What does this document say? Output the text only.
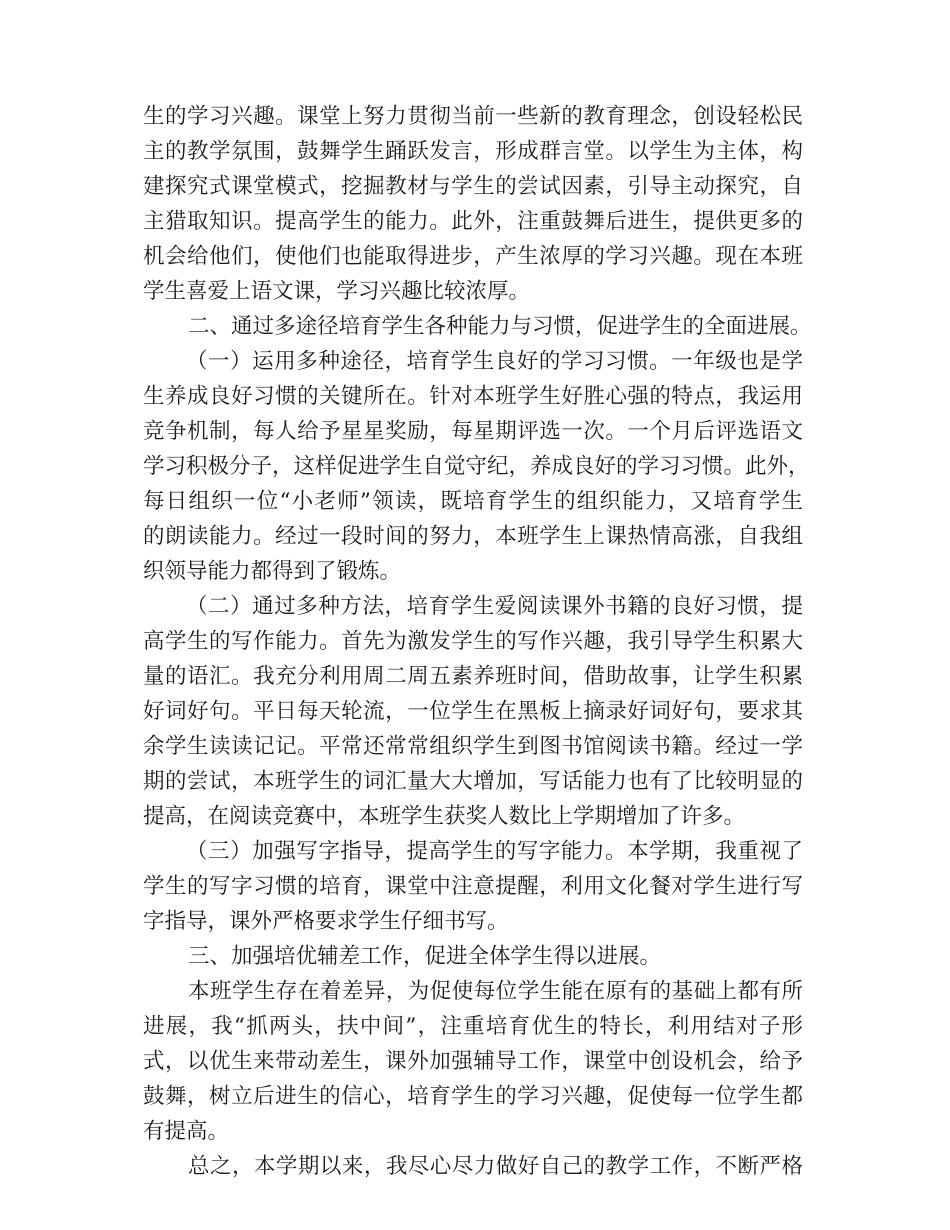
生的学习兴趣。课堂上努力贯彻当前一些新的教育理念，创设轻松民
主的教学氛围，鼓舞学生踊跃发言，形成群言堂。以学生为主体，构
建探究式课堂模式，挖掘教材与学生的尝试因素，引导主动探究，自
主猎取知识。提高学生的能力。此外，注重鼓舞后进生，提供更多的
机会给他们，使他们也能取得进步，产生浓厚的学习兴趣。现在本班
学生喜爱上语文课，学习兴趣比较浓厚。
二、通过多途径培育学生各种能力与习惯，促进学生的全面进展。
（一）运用多种途径，培育学生良好的学习习惯。一年级也是学
生养成良好习惯的关键所在。针对本班学生好胜心强的特点，我运用
竞争机制，每人给予星星奖励，每星期评选一次。一个月后评选语文
学习积极分子，这样促进学生自觉守纪，养成良好的学习习惯。此外，
每日组织一位“小老师”领读，既培育学生的组织能力，又培育学生
的朗读能力。经过一段时间的努力，本班学生上课热情高涨，自我组
织领导能力都得到了锻炼。
（二）通过多种方法，培育学生爱阅读课外书籍的良好习惯，提
高学生的写作能力。首先为激发学生的写作兴趣，我引导学生积累大
量的语汇。我充分利用周二周五素养班时间，借助故事，让学生积累
好词好句。平日每天轮流，一位学生在黑板上摘录好词好句，要求其
余学生读读记记。平常还常常组织学生到图书馆阅读书籍。经过一学
期的尝试，本班学生的词汇量大大增加，写话能力也有了比较明显的
提高，在阅读竞赛中，本班学生获奖人数比上学期增加了许多。
（三）加强写字指导，提高学生的写字能力。本学期，我重视了
学生的写字习惯的培育，课堂中注意提醒，利用文化餐对学生进行写
字指导，课外严格要求学生仔细书写。
三、加强培优辅差工作，促进全体学生得以进展。
本班学生存在着差异，为促使每位学生能在原有的基础上都有所
进展，我“抓两头，扶中间”，注重培育优生的特长，利用结对子形
式，以优生来带动差生，课外加强辅导工作，课堂中创设机会，给予
鼓舞，树立后进生的信心，培育学生的学习兴趣，促使每一位学生都
有提高。
总之，本学期以来，我尽心尽力做好自己的教学工作，不断严格
